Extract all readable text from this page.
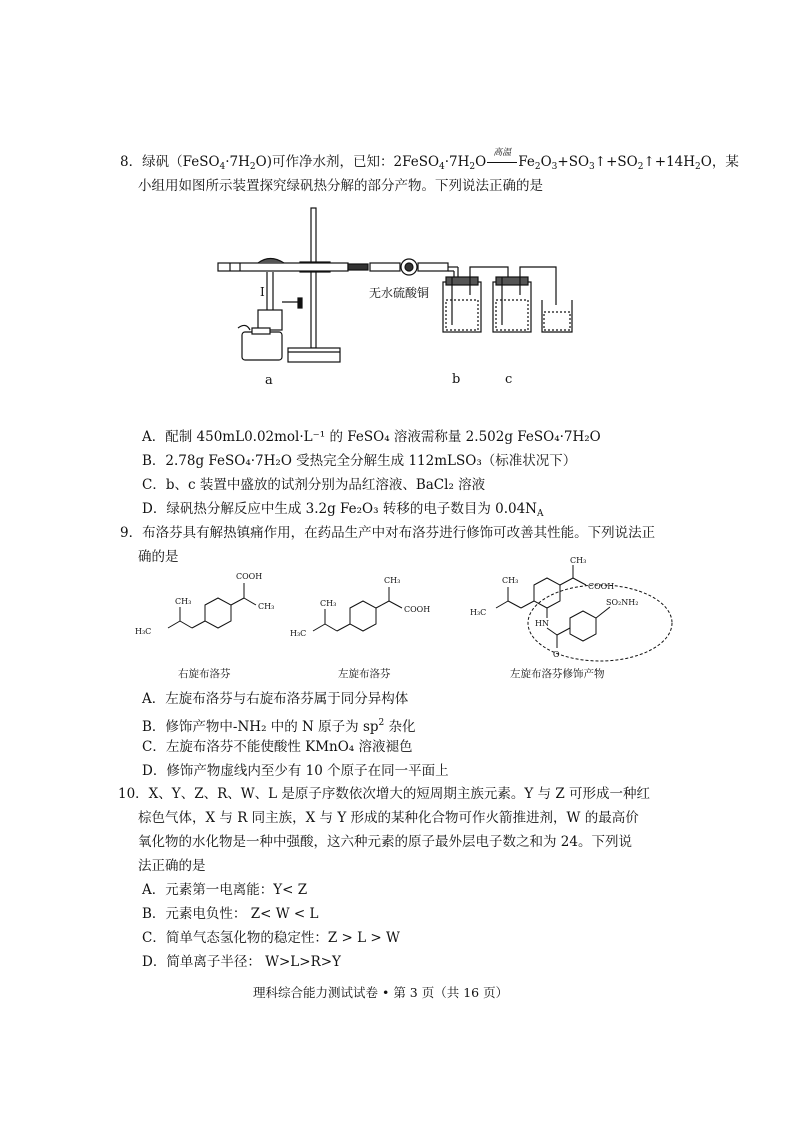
8．绿矾$(FeSO_4\cdot 7H_2O)$可作净水剂，已知：$2FeSO_4\cdot 7H_2O$
高温
$Fe_2O_3+SO_3↑+SO_2↑+14H_2O$，某
小组用如图所示装置探究绿矾热分解的部分产物。下列说法正确的是
I	无水硫酸铜
a	b	c
A．配制 450mL0.02mol·L⁻¹ 的 FeSO₄ 溶液需称量 2.502g FeSO₄·7H₂O
B．2.78g FeSO₄·7H₂O 受热完全分解生成 112mLSO₃（标准状况下）
C．b、c 装置中盛放的试剂分别为品红溶液、BaCl₂ 溶液
D．绿矾热分解反应中生成 3.2g Fe₂O₃ 转移的电子数目为 $0.04N_A$
9．布洛芬具有解热镇痛作用，在药品生产中对布洛芬进行修饰可改善其性能。下列说法正
确的是
COOH
CH₃
CH₃
H₃C
CH₃
COOH
CH₃
H₃C
CH₃
COOH
CH₃
H₃C
HN
O
SO₂NH₂
右旋布洛芬	左旋布洛芬	左旋布洛芬修饰产物
A．左旋布洛芬与右旋布洛芬属于同分异构体
B．修饰产物中-NH₂ 中的 N 原子为 $sp^2$ 杂化
C．左旋布洛芬不能使酸性 KMnO₄ 溶液褪色
D．修饰产物虚线内至少有 10 个原子在同一平面上
10．X、Y、Z、R、W、L 是原子序数依次增大的短周期主族元素。Y 与 Z 可形成一种红
棕色气体，X 与 R 同主族，X 与 Y 形成的某种化合物可作火箭推进剂，W 的最高价
氧化物的水化物是一种中强酸，这六种元素的原子最外层电子数之和为 24。下列说
法正确的是
A．元素第一电离能：Y< Z
B．元素电负性： Z< W < L
C．简单气态氢化物的稳定性：Z > L > W
D．简单离子半径： W>L>R>Y
理科综合能力测试试卷 • 第 3 页（共 16 页）
